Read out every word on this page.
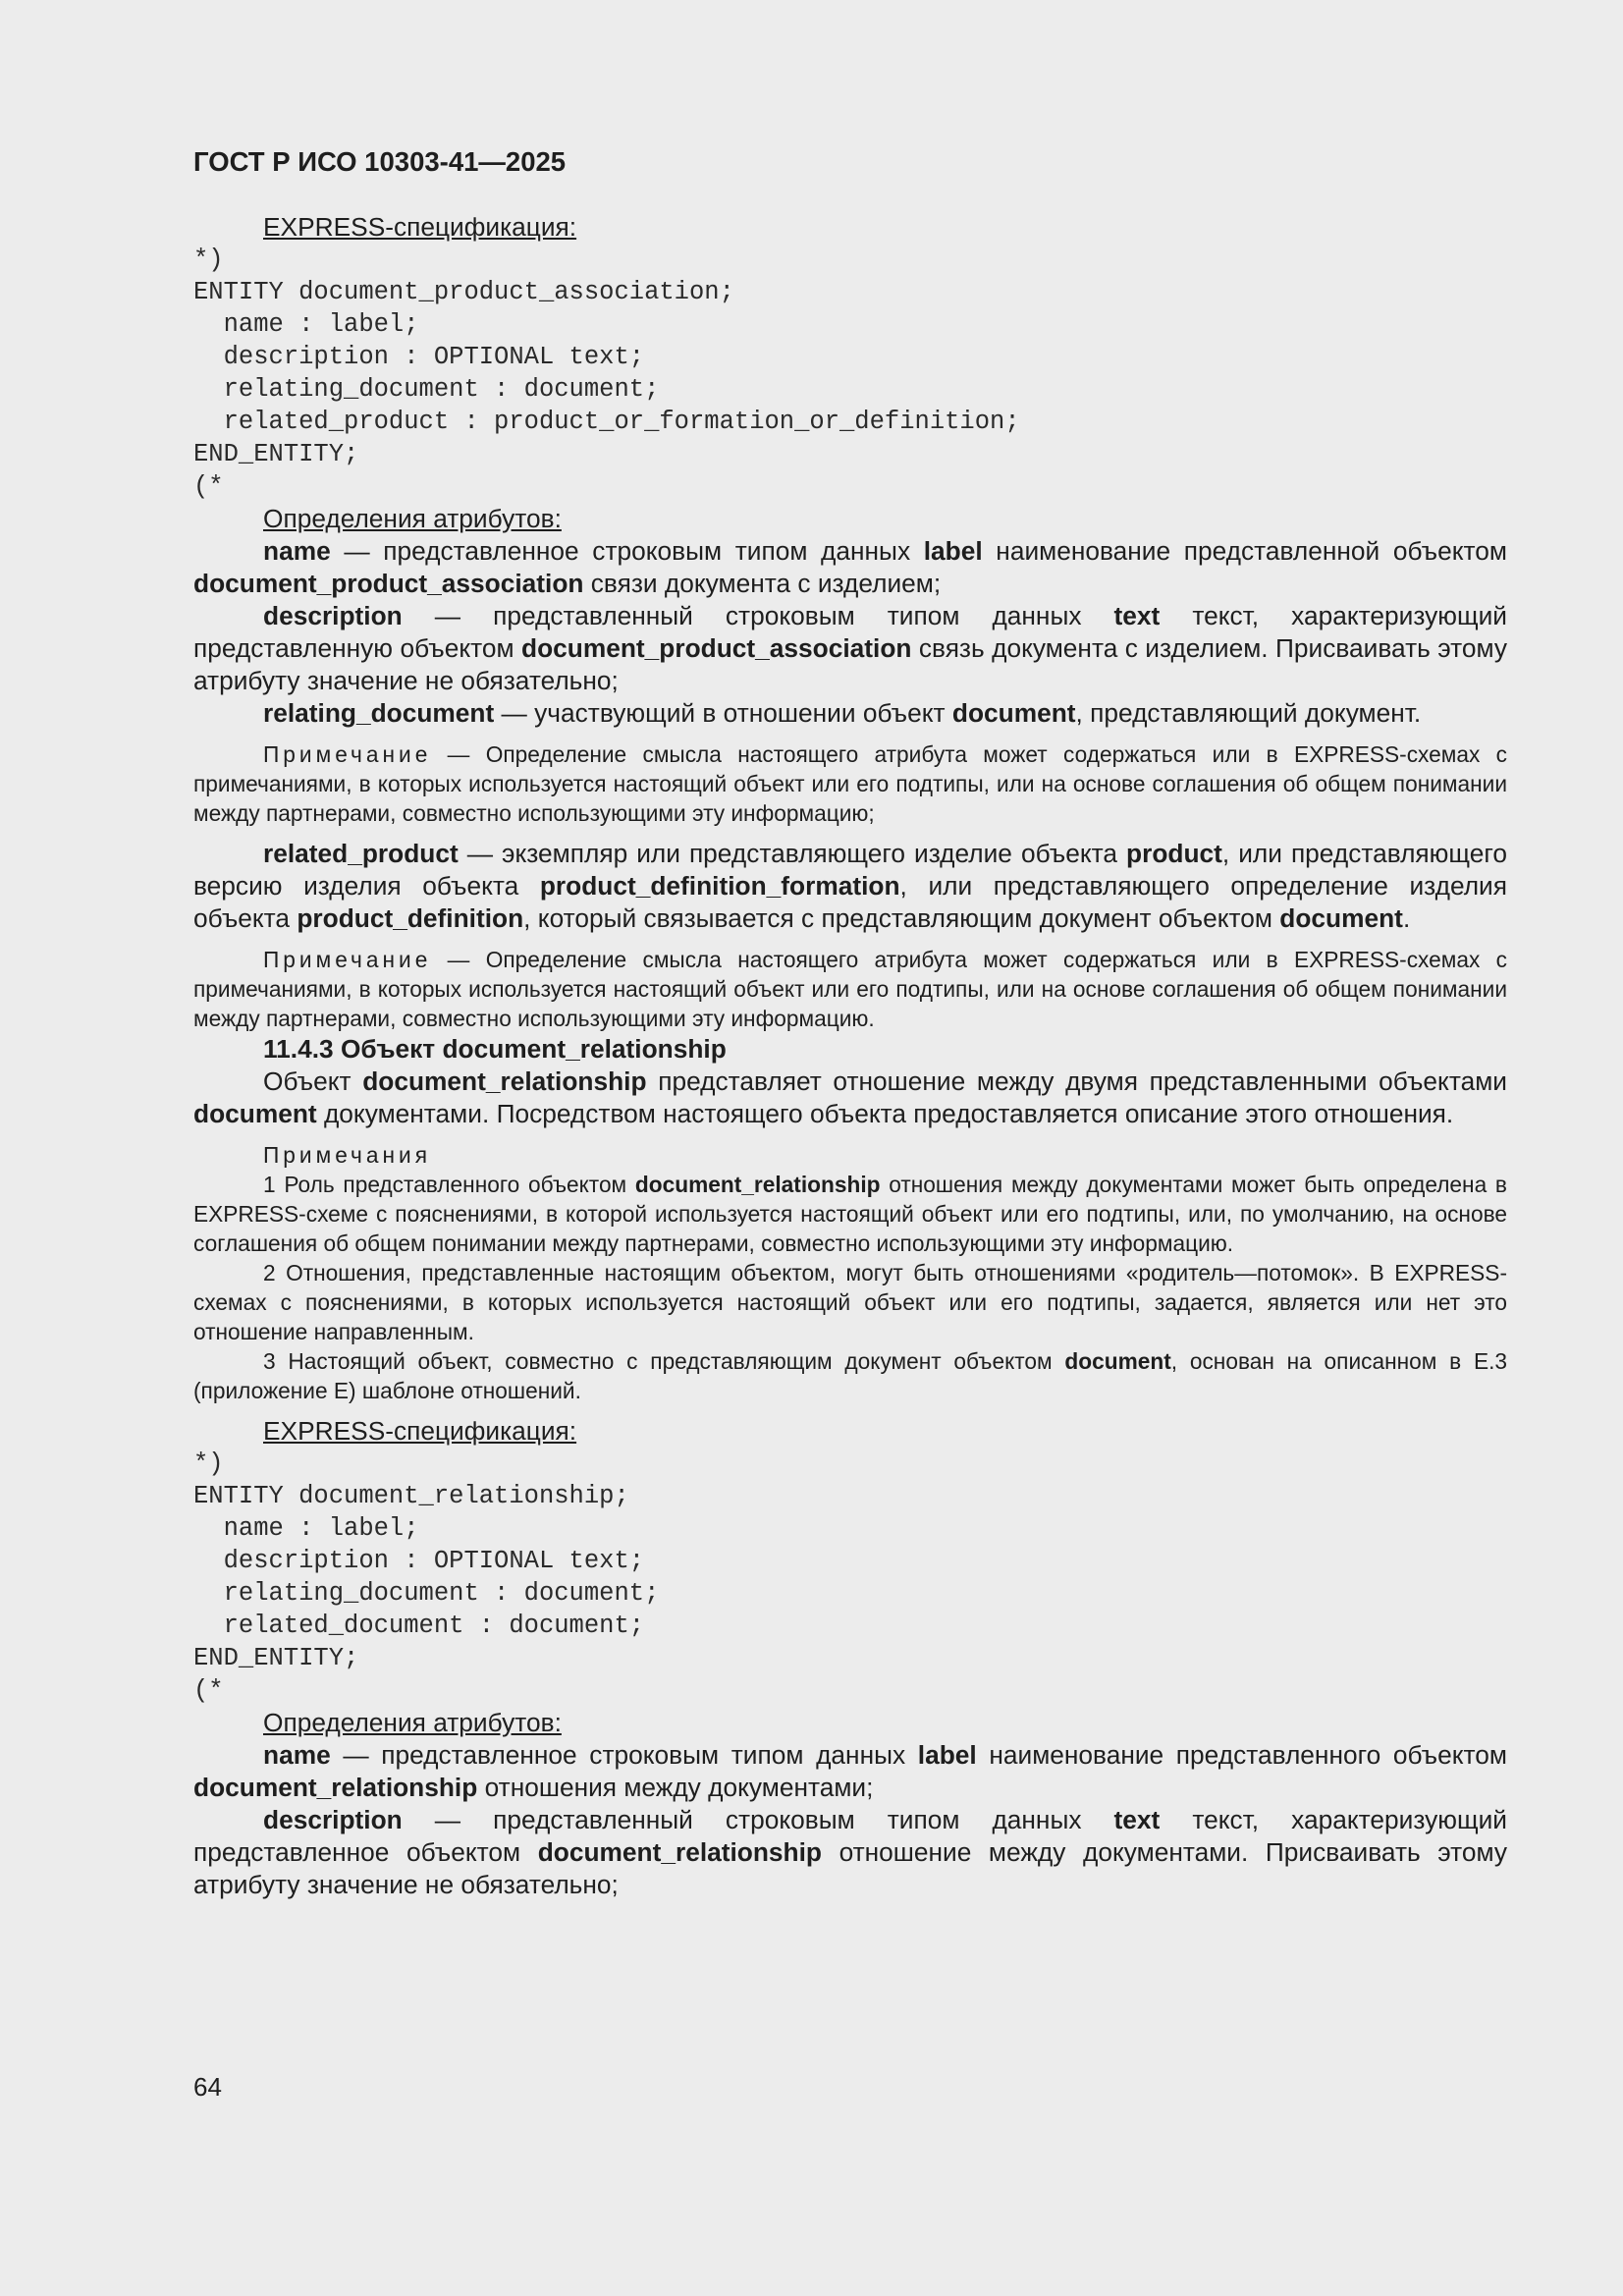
ГОСТ Р ИСО 10303-41—2025

EXPRESS-спецификация:

*)
ENTITY document_product_association;
name : label;
description : OPTIONAL text;
relating_document : document;
related_product : product_or_formation_or_definition;
END_ENTITY;
(*

Определения атрибутов:

name — представленное строковым типом данных label наименование представленной объектом document_product_association связи документа с изделием;

description — представленный строковым типом данных text текст, характеризующий представленную объектом document_product_association связь документа с изделием. Присваивать этому атрибуту значение не обязательно;

relating_document — участвующий в отношении объект document, представляющий документ.

Примечание — Определение смысла настоящего атрибута может содержаться или в EXPRESS-схемах с примечаниями, в которых используется настоящий объект или его подтипы, или на основе соглашения об общем понимании между партнерами, совместно использующими эту информацию;

related_product — экземпляр или представляющего изделие объекта product, или представляющего версию изделия объекта product_definition_formation, или представляющего определение изделия объекта product_definition, который связывается с представляющим документ объектом document.

Примечание — Определение смысла настоящего атрибута может содержаться или в EXPRESS-схемах с примечаниями, в которых используется настоящий объект или его подтипы, или на основе соглашения об общем понимании между партнерами, совместно использующими эту информацию.

11.4.3 Объект document_relationship

Объект document_relationship представляет отношение между двумя представленными объектами document документами. Посредством настоящего объекта предоставляется описание этого отношения.

Примечания

1 Роль представленного объектом document_relationship отношения между документами может быть определена в EXPRESS-схеме с пояснениями, в которой используется настоящий объект или его подтипы, или, по умолчанию, на основе соглашения об общем понимании между партнерами, совместно использующими эту информацию.

2 Отношения, представленные настоящим объектом, могут быть отношениями «родитель—потомок». В EXPRESS-схемах с пояснениями, в которых используется настоящий объект или его подтипы, задается, является или нет это отношение направленным.

3 Настоящий объект, совместно с представляющим документ объектом document, основан на описанном в Е.3 (приложение Е) шаблоне отношений.

EXPRESS-спецификация:

*)
ENTITY document_relationship;
name : label;
description : OPTIONAL text;
relating_document : document;
related_document : document;
END_ENTITY;
(*

Определения атрибутов:

name — представленное строковым типом данных label наименование представленного объектом document_relationship отношения между документами;

description — представленный строковым типом данных text текст, характеризующий представленное объектом document_relationship отношение между документами. Присваивать этому атрибуту значение не обязательно;

64
